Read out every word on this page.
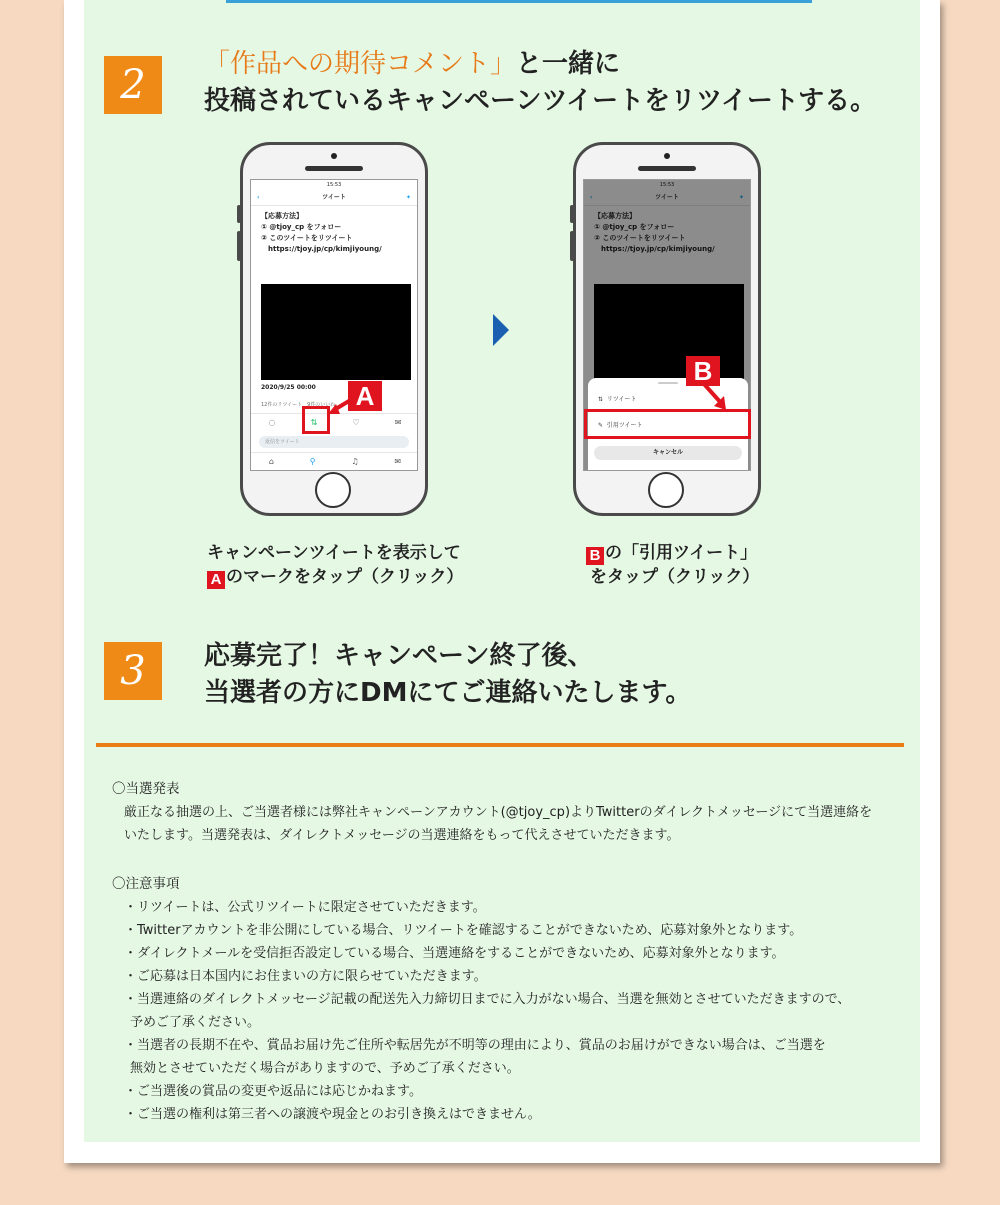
2	「作品への期待コメント」と一緒に
投稿されているキャンペーンツイートをリツイートする。
15:53
‹	ツイート	✦
【応募方法】
① @tjoy_cp をフォロー
② このツイートをリツイート
　https://tjoy.jp/cp/kimjiyoung/
2020/9/25 00:00
12件のリツイート　9件のいいね
◌	⇅	♡	✉
返信をツイート
⌂	⚲	♫	✉
A
15:53
‹	ツイート	✦
【応募方法】
① @tjoy_cp をフォロー
② このツイートをリツイート
　https://tjoy.jp/cp/kimjiyoung/
⇅ リツイート
✎ 引用ツイート
キャンセル
B
キャンペーンツイートを表示して
A のマークをタップ（クリック）
B の「引用ツイート」
をタップ（クリック）
3	応募完了！キャンペーン終了後、
当選者の方にDMにてご連絡いたします。
〇当選発表
厳正なる抽選の上、ご当選者様には弊社キャンペーンアカウント(@tjoy_cp)よりTwitterのダイレクトメッセージにて当選連絡を
いたします。当選発表は、ダイレクトメッセージの当選連絡をもって代えさせていただきます。
〇注意事項
・リツイートは、公式リツイートに限定させていただきます。
・Twitterアカウントを非公開にしている場合、リツイートを確認することができないため、応募対象外となります。
・ダイレクトメールを受信拒否設定している場合、当選連絡をすることができないため、応募対象外となります。
・ご応募は日本国内にお住まいの方に限らせていただきます。
・当選連絡のダイレクトメッセージ記載の配送先入力締切日までに入力がない場合、当選を無効とさせていただきますので、
予めご了承ください。
・当選者の長期不在や、賞品お届け先ご住所や転居先が不明等の理由により、賞品のお届けができない場合は、ご当選を
無効とさせていただく場合がありますので、予めご了承ください。
・ご当選後の賞品の変更や返品には応じかねます。
・ご当選の権利は第三者への譲渡や現金とのお引き換えはできません。
